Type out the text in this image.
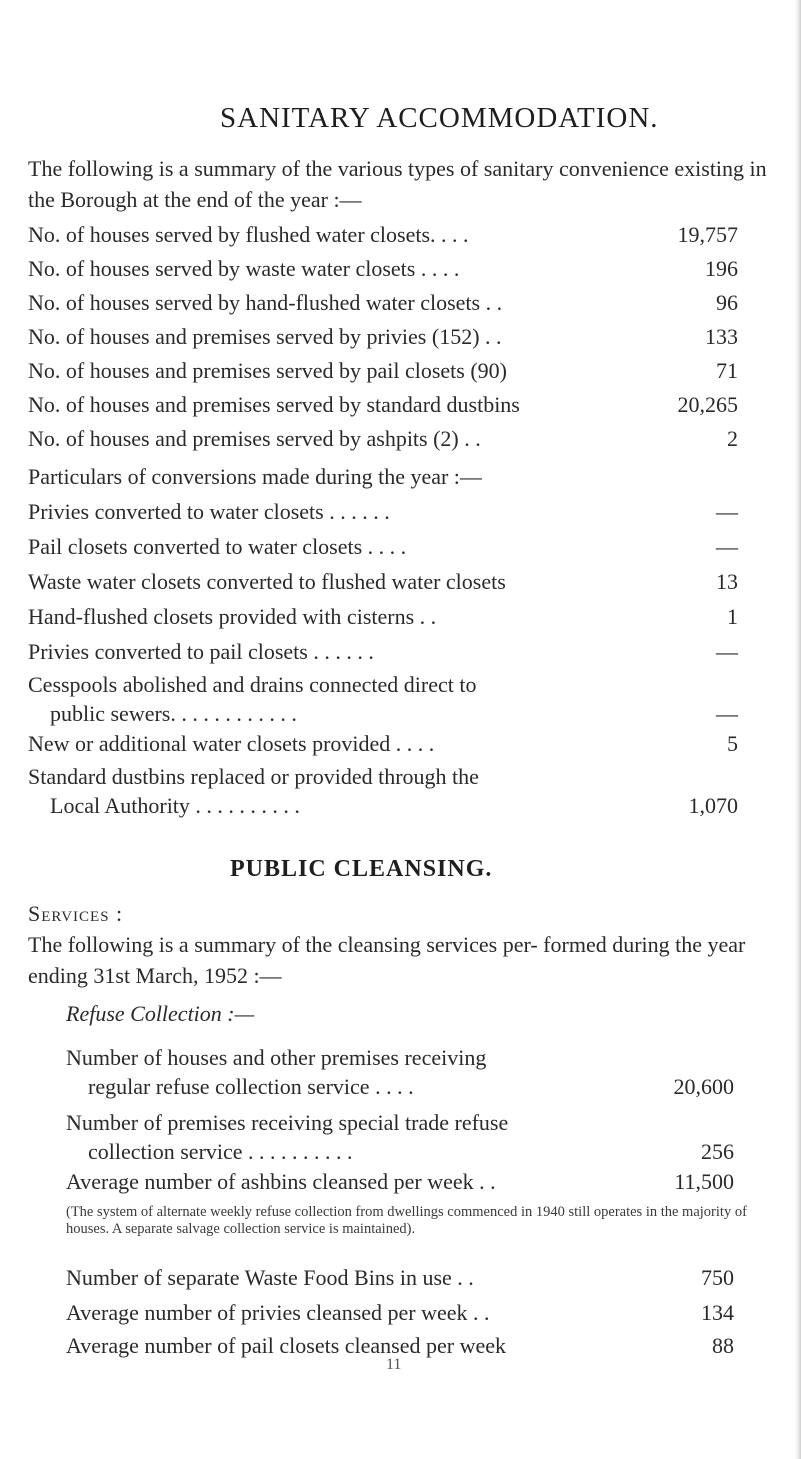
SANITARY ACCOMMODATION.

The following is a summary of the various types of sanitary convenience existing in the Borough at the end of the year :—

No. of houses served by flushed water closets. . . .	19,757
No. of houses served by waste water closets . . . .	196
No. of houses served by hand-flushed water closets . .	96
No. of houses and premises served by privies (152) . .	133
No. of houses and premises served by pail closets (90)	71
No. of houses and premises served by standard dustbins	20,265
No. of houses and premises served by ashpits (2) . .	2
Particulars of conversions made during the year :—
Privies converted to water closets . . . . . .	—
Pail closets converted to water closets . . . .	—
Waste water closets converted to flushed water closets	13
Hand-flushed closets provided with cisterns . .	1
Privies converted to pail closets . . . . . .	—
Cesspools abolished and drains connected direct to
public sewers. . . . . . . . . . . .	—
New or additional water closets provided . . . .	5
Standard dustbins replaced or provided through the
Local Authority . . . . . . . . . .	1,070
PUBLIC CLEANSING.
Services :

The following is a summary of the cleansing services per- formed during the year ending 31st March, 1952 :—

Refuse Collection :—
Number of houses and other premises receiving
regular refuse collection service . . . .	20,600
Number of premises receiving special trade refuse
collection service . . . . . . . . . .	256
Average number of ashbins cleansed per week . .	11,500
(The system of alternate weekly refuse collection from dwellings commenced in 1940 still operates in the majority of houses. A separate salvage collection service is maintained).
Number of separate Waste Food Bins in use . .	750
Average number of privies cleansed per week . .	134
Average number of pail closets cleansed per week	88
11
